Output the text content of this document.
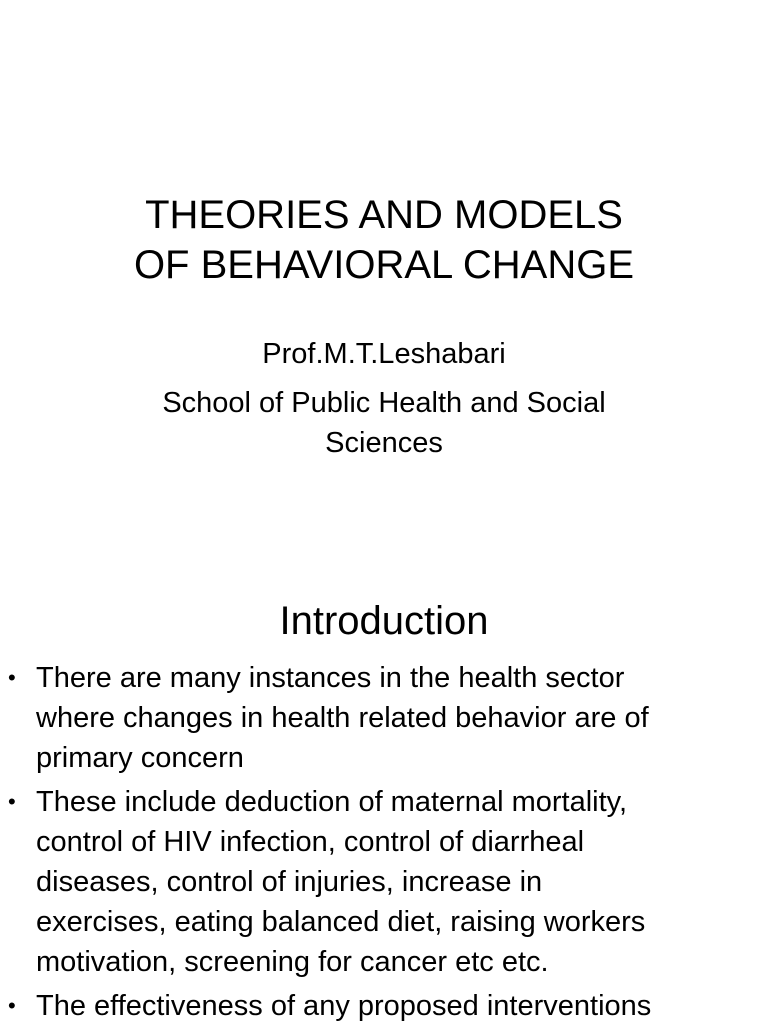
THEORIES AND MODELS
OF BEHAVIORAL CHANGE

Prof.M.T.Leshabari

School of Public Health and Social
Sciences

Introduction
• There are many instances in the health sector
where changes in health related behavior are of
primary concern
• These include deduction of maternal mortality,
control of HIV infection, control of diarrheal
diseases, control of injuries, increase in
exercises, eating balanced diet, raising workers
motivation, screening for cancer etc etc.
• The effectiveness of any proposed interventions
